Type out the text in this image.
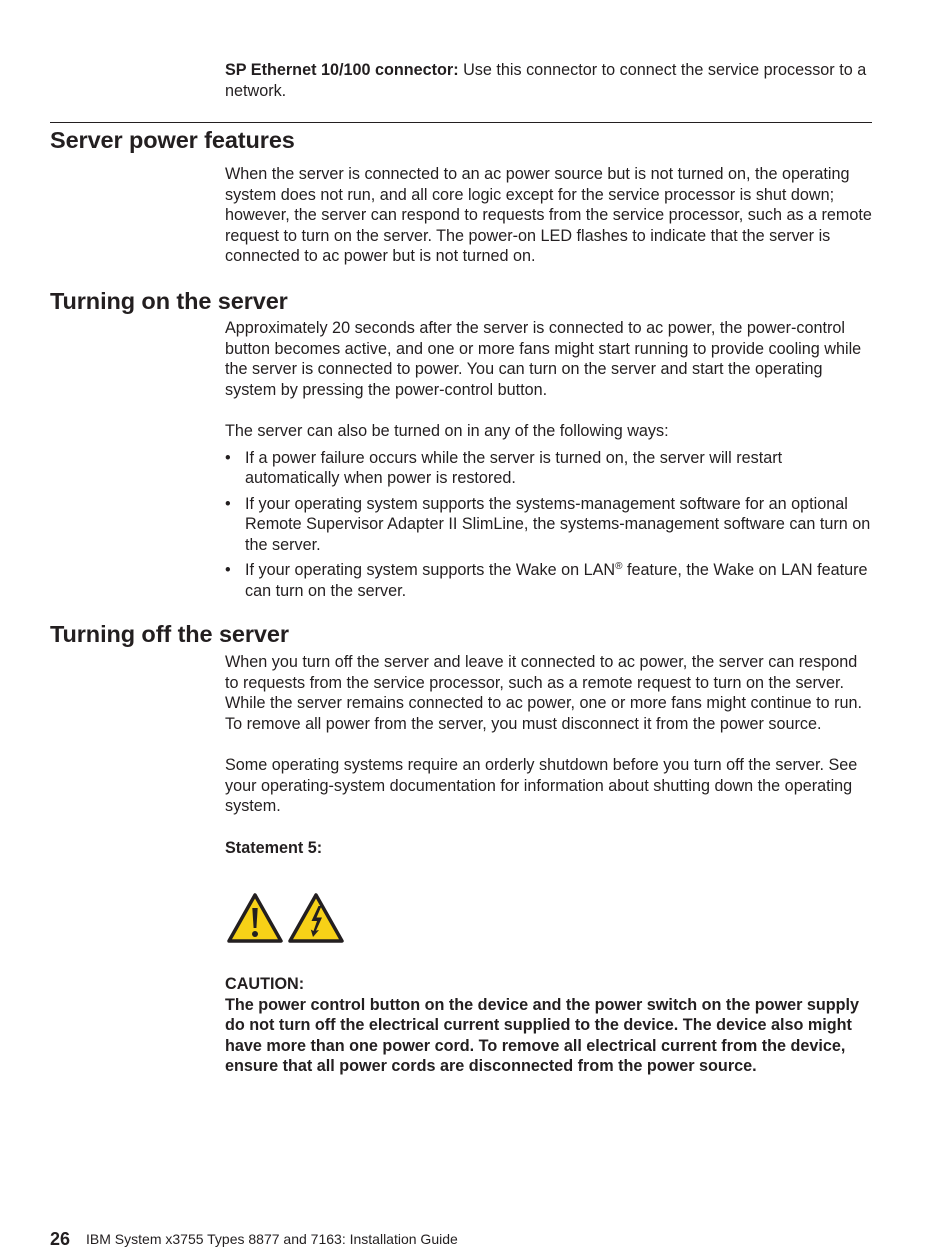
SP Ethernet 10/100 connector: Use this connector to connect the service processor to a network.

Server power features

When the server is connected to an ac power source but is not turned on, the operating system does not run, and all core logic except for the service processor is shut down; however, the server can respond to requests from the service processor, such as a remote request to turn on the server. The power-on LED flashes to indicate that the server is connected to ac power but is not turned on.

Turning on the server

Approximately 20 seconds after the server is connected to ac power, the power-control button becomes active, and one or more fans might start running to provide cooling while the server is connected to power. You can turn on the server and start the operating system by pressing the power-control button.

The server can also be turned on in any of the following ways:

• If a power failure occurs while the server is turned on, the server will restart automatically when power is restored.
• If your operating system supports the systems-management software for an optional Remote Supervisor Adapter II SlimLine, the systems-management software can turn on the server.
• If your operating system supports the Wake on LAN® feature, the Wake on LAN feature can turn on the server.
Turning off the server

When you turn off the server and leave it connected to ac power, the server can respond to requests from the service processor, such as a remote request to turn on the server. While the server remains connected to ac power, one or more fans might continue to run. To remove all power from the server, you must disconnect it from the power source.

Some operating systems require an orderly shutdown before you turn off the server. See your operating-system documentation for information about shutting down the operating system.

Statement 5:

CAUTION:

The power control button on the device and the power switch on the power supply do not turn off the electrical current supplied to the device. The device also might have more than one power cord. To remove all electrical current from the device, ensure that all power cords are disconnected from the power source.

26 IBM System x3755 Types 8877 and 7163: Installation Guide
